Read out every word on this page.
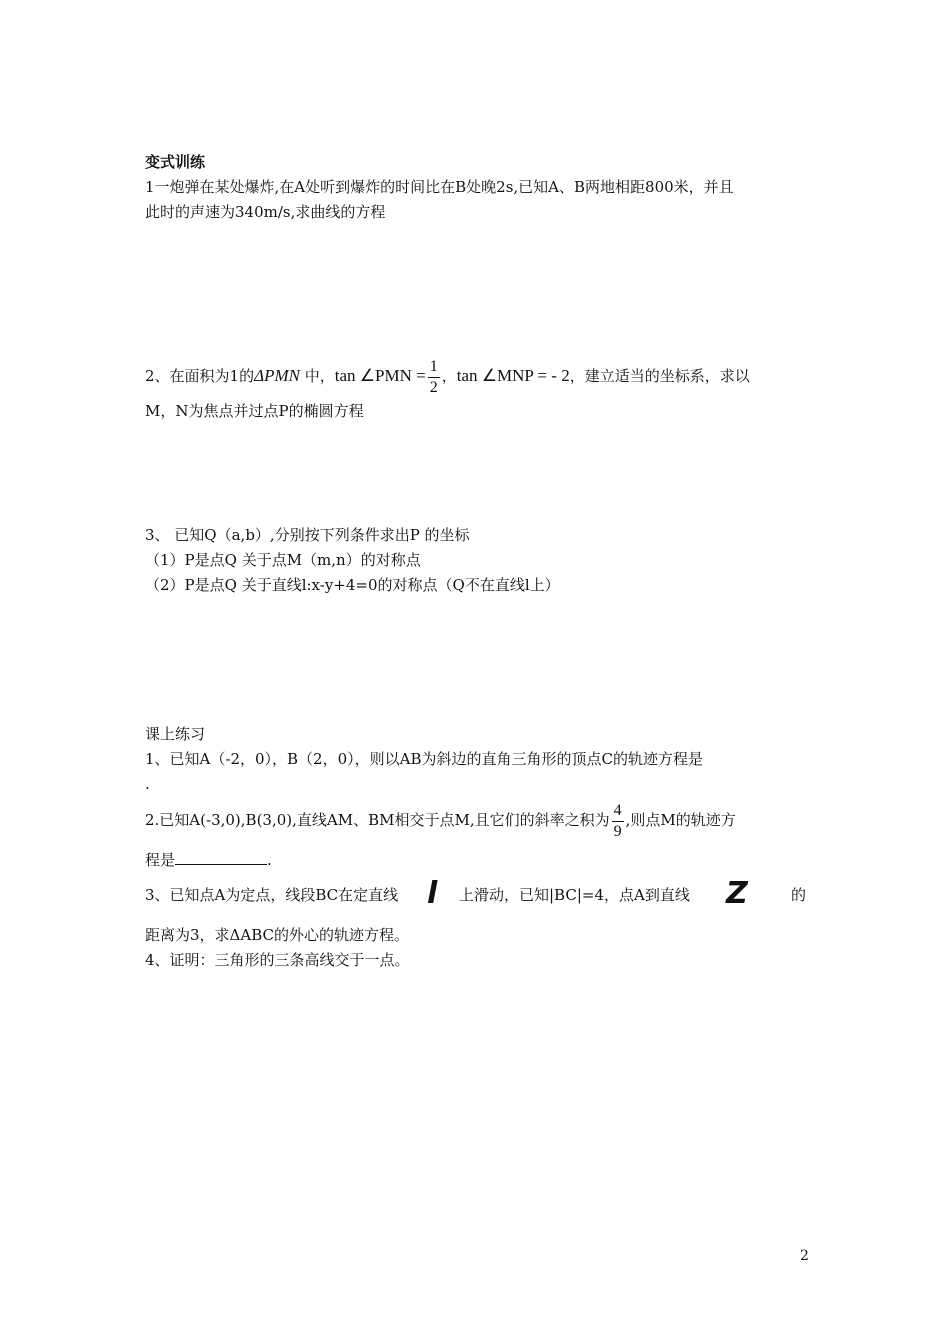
变式训练
1一炮弹在某处爆炸,在A处听到爆炸的时间比在B处晚2s,已知A、B两地相距800米，并且
此时的声速为340m/s,求曲线的方程
2、在面积为1的ΔPMN 中，tan ∠PMN = $\frac{1}{2}$ ，tan ∠MNP = - 2，建立适当的坐标系，求以
M，N为焦点并过点P的椭圆方程
3、 已知Q（a,b）,分别按下列条件求出P 的坐标
（1）P是点Q 关于点M（m,n）的对称点
（2）P是点Q 关于直线l:x-y+4=0的对称点（Q不在直线l上）
课上练习
1、已知A（-2，0），B（2，0），则以AB为斜边的直角三角形的顶点C的轨迹方程是
.
2.已知A(-3,0),B(3,0),直线AM、BM相交于点M,且它们的斜率之积为 $\frac{4}{9}$ ,则点M的轨迹方
程是	.
3、已知点A为定点，线段BC在定直线	上滑动，已知|BC|=4，点A到直线	的
l	Z
距离为3，求ΔABC的外心的轨迹方程。
4、证明：三角形的三条高线交于一点。
2
